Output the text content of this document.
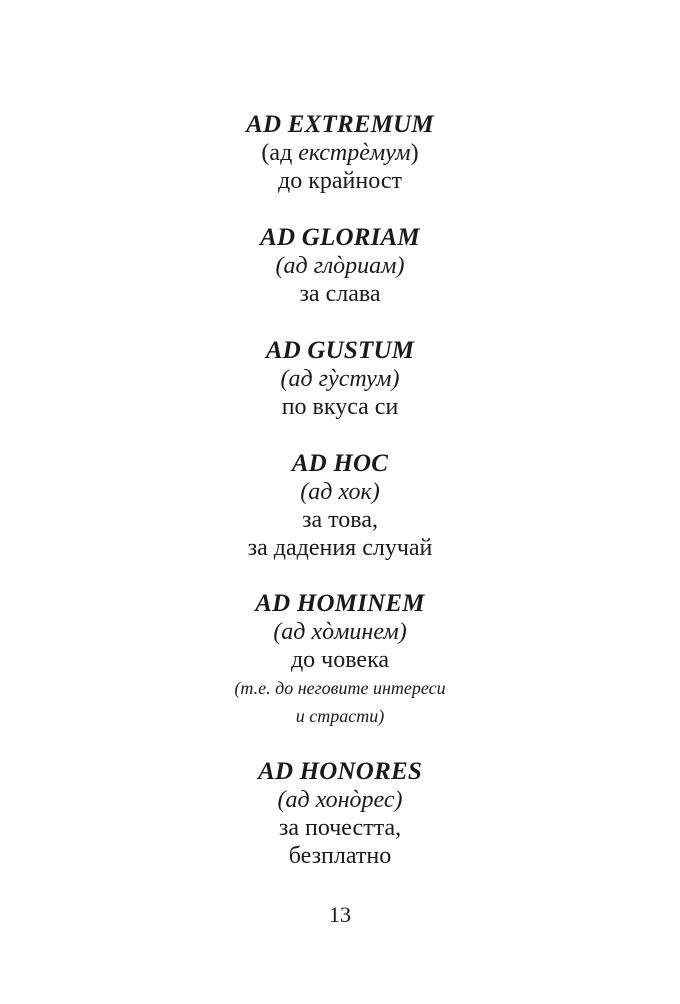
AD EXTREMUM
(ад екстрѐмум)
до крайност
AD GLORIAM
(ад глòриам)
за слава
AD GUSTUM
(ад гỳстум)
по вкуса си
AD HOC
(ад хок)
за това,
за дадения случай
AD HOMINEM
(ад хòминем)
до човека
(т.е. до неговите интереси
и страсти)
AD HONORES
(ад хонòрес)
за почестта,
безплатно
13
